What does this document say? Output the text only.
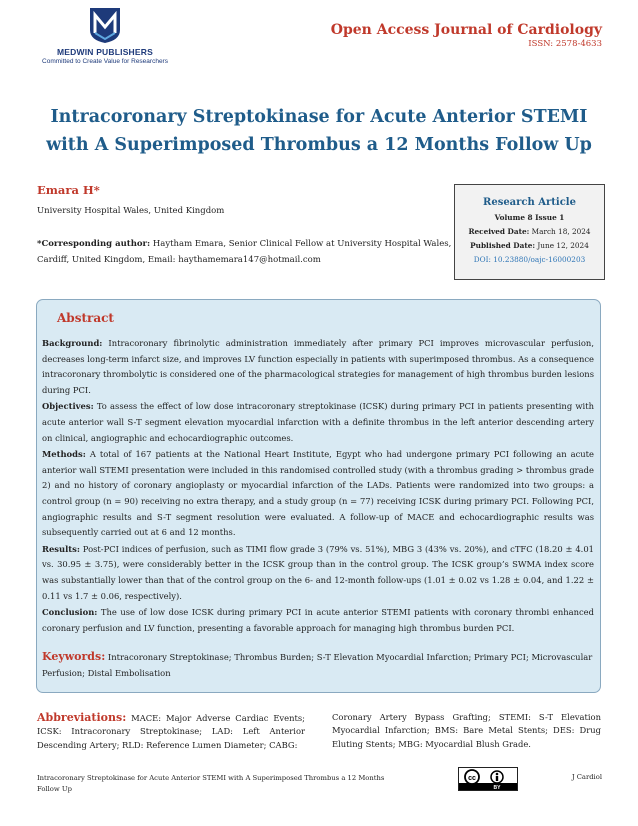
MEDWIN PUBLISHERS
Committed to Create Value for Researchers
Open Access Journal of Cardiology
ISSN: 2578-4633
Intracoronary Streptokinase for Acute Anterior STEMI with A Superimposed Thrombus a 12 Months Follow Up
Emara H*
University Hospital Wales, United Kingdom
*Corresponding author: Haytham Emara, Senior Clinical Fellow at University Hospital Wales, Cardiff, United Kingdom, Email: haythamemara147@hotmail.com
Research Article
Volume 8 Issue 1
Received Date: March 18, 2024
Published Date: June 12, 2024
DOI: 10.23880/oajc-16000203
Abstract

Background: Intracoronary fibrinolytic administration immediately after primary PCI improves microvascular perfusion, decreases long-term infarct size, and improves LV function especially in patients with superimposed thrombus. As a consequence intracoronary thrombolytic is considered one of the pharmacological strategies for management of high thrombus burden lesions during PCI.

Objectives: To assess the effect of low dose intracoronary streptokinase (ICSK) during primary PCI in patients presenting with acute anterior wall S-T segment elevation myocardial infarction with a definite thrombus in the left anterior descending artery on clinical, angiographic and echocardiographic outcomes.

Methods: A total of 167 patients at the National Heart Institute, Egypt who had undergone primary PCI following an acute anterior wall STEMI presentation were included in this randomised controlled study (with a thrombus grading > thrombus grade 2) and no history of coronary angioplasty or myocardial infarction of the LADs. Patients were randomized into two groups: a control group (n = 90) receiving no extra therapy, and a study group (n = 77) receiving ICSK during primary PCI. Following PCI, angiographic results and S-T segment resolution were evaluated. A follow-up of MACE and echocardiographic results was subsequently carried out at 6 and 12 months.

Results: Post-PCI indices of perfusion, such as TIMI flow grade 3 (79% vs. 51%), MBG 3 (43% vs. 20%), and cTFC (18.20 ± 4.01 vs. 30.95 ± 3.75), were considerably better in the ICSK group than in the control group. The ICSK group’s SWMA index score was substantially lower than that of the control group on the 6- and 12-month follow-ups (1.01 ± 0.02 vs 1.28 ± 0.04, and 1.22 ± 0.11 vs 1.7 ± 0.06, respectively).

Conclusion: The use of low dose ICSK during primary PCI in acute anterior STEMI patients with coronary thrombi enhanced coronary perfusion and LV function, presenting a favorable approach for managing high thrombus burden PCI.

Keywords: Intracoronary Streptokinase; Thrombus Burden; S-T Elevation Myocardial Infarction; Primary PCI; Microvascular Perfusion; Distal Embolisation
Abbreviations: MACE: Major Adverse Cardiac Events; ICSK: Intracoronary Streptokinase; LAD: Left Anterior Descending Artery; RLD: Reference Lumen Diameter; CABG:
Coronary Artery Bypass Grafting; STEMI: S-T Elevation Myocardial Infarction; BMS: Bare Metal Stents; DES: Drug Eluting Stents; MBG: Myocardial Blush Grade.
Intracoronary Streptokinase for Acute Anterior STEMI with A Superimposed Thrombus a 12 Months Follow Up
cc
BY
J Cardiol
